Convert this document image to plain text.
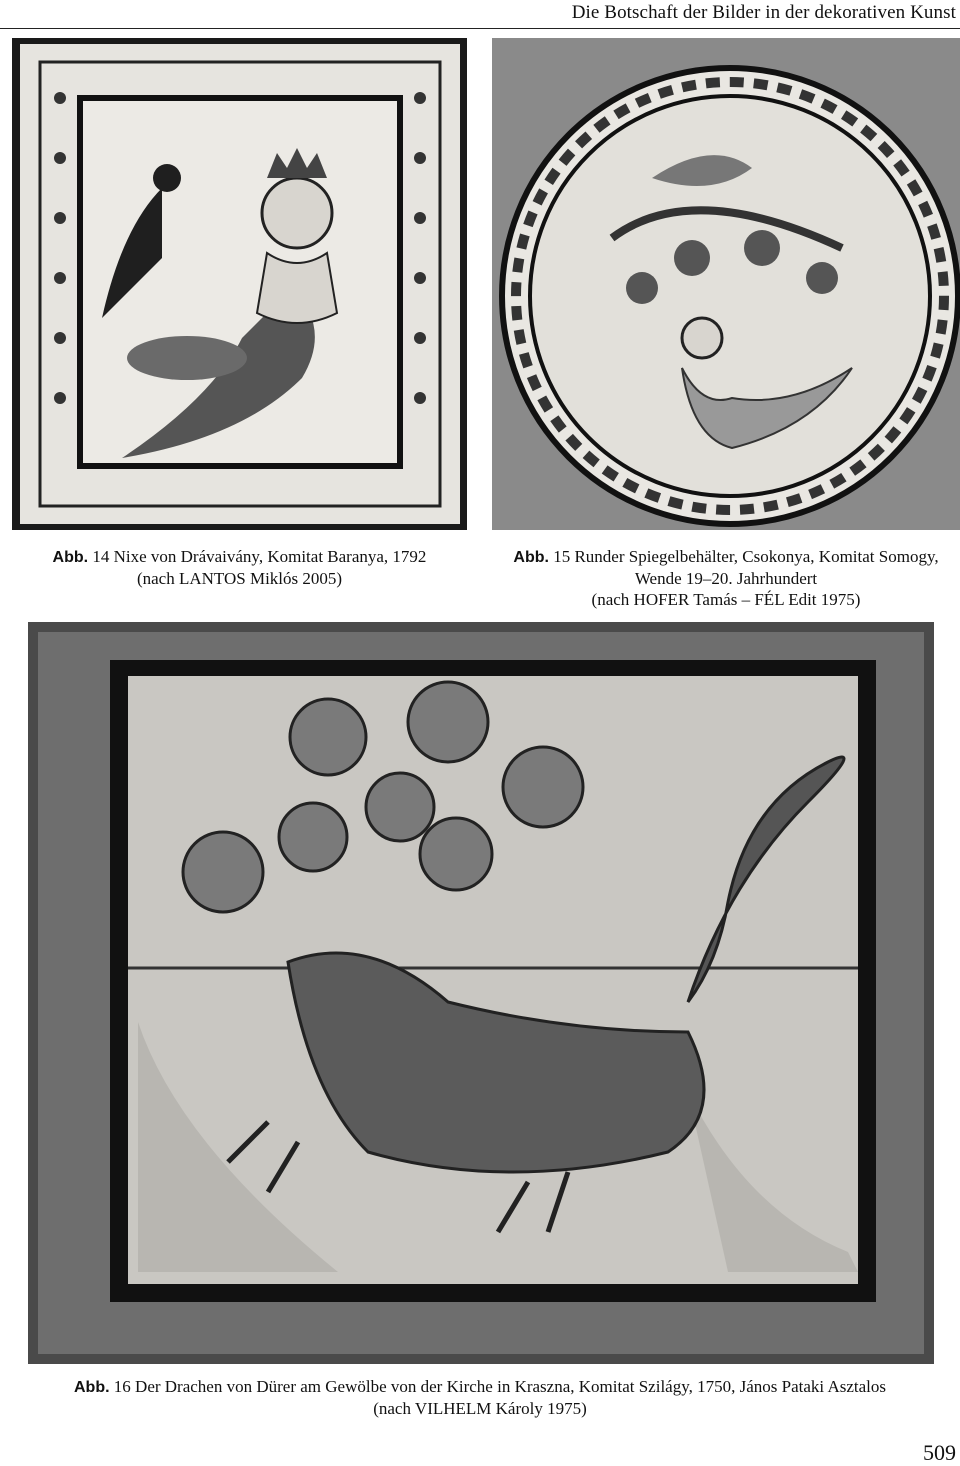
Die Botschaft der Bilder in der dekorativen Kunst
Abb. 14 Nixe von Drávaivány, Komitat Baranya, 1792
(nach LANTOS Miklós 2005)
Abb. 15 Runder Spiegelbehälter, Csokonya, Komitat Somogy,
Wende 19–20. Jahrhundert
(nach HOFER Tamás – FÉL Edit 1975)
Abb. 16 Der Drachen von Dürer am Gewölbe von der Kirche in Kraszna, Komitat Szilágy, 1750, János Pataki Asztalos
(nach VILHELM Károly 1975)
509
